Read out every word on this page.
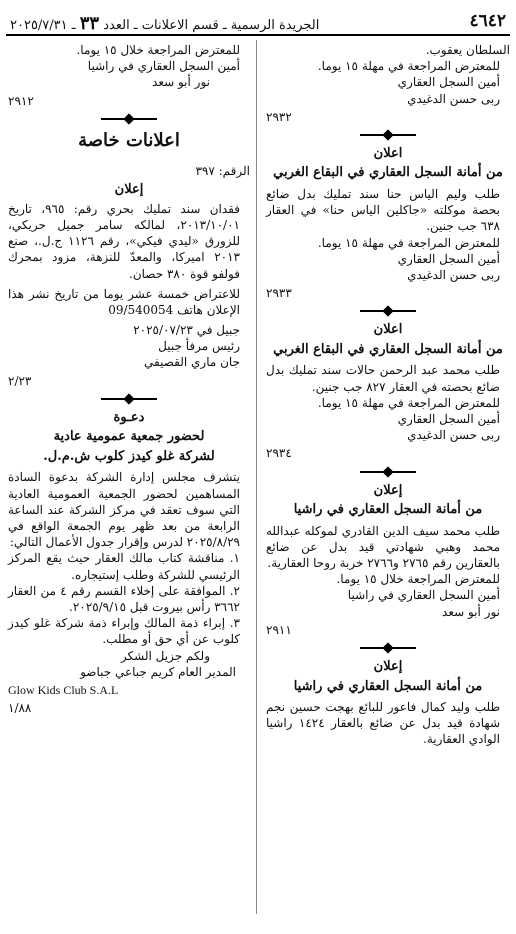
٤٦٤٢
الجريدة الرسمية ـ قسم الاعلانات ـ العدد ٣٣ ـ ٢٠٢٥/٧/٣١

السلطان يعقوب.

للمعترض المراجعة في مهلة ١٥ يوما.

أمين السجل العقاري

ربى حسن الدغيدي

٢٩٣٢

اعلان

من أمانة السجل العقاري في البقاع الغربي

طلب وليم الياس حنا سند تمليك بدل ضائع بحصة موكلته «جاكلين الياس حنا» في العقار ٦٣٨ جب جنين.

للمعترض المراجعة في مهلة ١٥ يوما.

أمين السجل العقاري

ربى حسن الدغيدي

٢٩٣٣

اعلان

من أمانة السجل العقاري في البقاع الغربي

طلب محمد عبد الرحمن حالات سند تمليك بدل ضائع بحصته في العقار ٨٢٧ جب جنين.

للمعترض المراجعة في مهلة ١٥ يوما.

أمين السجل العقاري

ربى حسن الدغيدي

٢٩٣٤

إعلان

من أمانة السجل العقاري في راشيا

طلب محمد سيف الدين القادري لموكله عبدالله محمد وهبي شهادتي قيد بدل عن ضائع بالعقارين رقم ٢٧٦٥ و٢٧٦٦ خربة روحا العقارية.

للمعترض المراجعة خلال ١٥ يوما.

أمين السجل العقاري في راشيا

نور أبو سعد

٢٩١١

إعلان

من أمانة السجل العقاري في راشيا

طلب وليد كمال فاعور للبائع بهجت حسين نجم شهادة قيد بدل عن ضائع بالعقار ١٤٢٤ راشيا الوادي العقارية.

للمعترض المراجعة خلال ١٥ يوما.

أمين السجل العقاري في راشيا

نور أبو سعد

٢٩١٢

اعلانات خاصة

الرقم: ٣٩٧

إعلان

فقدان سند تمليك بحري رقم: ٩٦٥، تاريخ ٢٠١٣/١٠/٠١، لمالكه سامر جميل حريكي، للزورق «ليدي فيكي»، رقم ١١٢٦ ج.ل.، صنع ٢٠١٣ اميركا، والمعدّ للنزهة، مزود بمحرك فولفو قوة ٣٨٠ حصان.

للاعتراض خمسة عشر يوما من تاريخ نشر هذا الإعلان هاتف 09/540054

جبيل في ٢٠٢٥/٠٧/٢٣

رئيس مرفأ جبيل

جان ماري القصيفي

٢/٢٣

دعـوة

لحضور جمعية عمومية عادية

لشركة غلو كيدز كلوب ش.م.ل.

يتشرف مجلس إدارة الشركة بدعوة السادة المساهمين لحضور الجمعية العمومية العادية التي سوف تعقد في مركز الشركة عند الساعة الرابعة من بعد ظهر يوم الجمعة الواقع في ٢٠٢٥/٨/٢٩ لدرس وإقرار جدول الأعمال التالي:

١. مناقشة كتاب مالك العقار حيث يقع المركز الرئيسي للشركة وطلب إستيجاره.

٢. الموافقة على إخلاء القسم رقم ٤ من العقار ٣٦٦٢ رأس بيروت قبل ٢٠٢٥/٩/١٥.

٣. إبراء ذمة المالك وإبراء ذمة شركة غلو كيدز كلوب عن أي حق أو مطلب.

ولكم جزيل الشكر

المدير العام كريم جباعي جباضو

Glow Kids Club S.A.L

١/٨٨
